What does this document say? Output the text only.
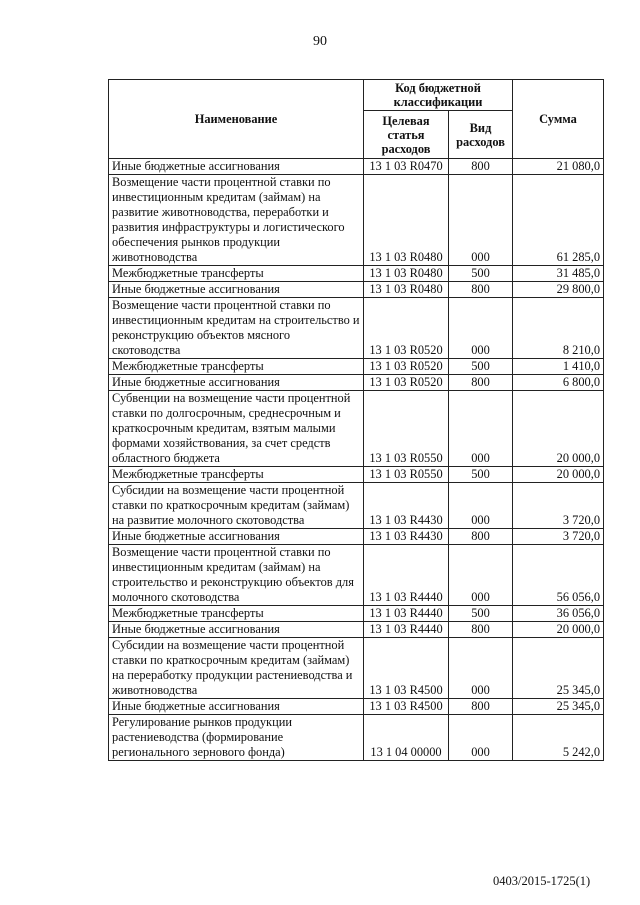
90
Наименование	Код бюджетной классификации		Сумма
	Целевая статья расходов	Вид расходов	
Иные бюджетные ассигнования	13 1 03 R0470	800	21 080,0
Возмещение части процентной ставки по инвестиционным кредитам (займам) на развитие животноводства, переработки и развития инфраструктуры и логистического обеспечения рынков продукции животноводства	13 1 03 R0480	000	61 285,0
Межбюджетные трансферты	13 1 03 R0480	500	31 485,0
Иные бюджетные ассигнования	13 1 03 R0480	800	29 800,0
Возмещение части процентной ставки по инвестиционным кредитам на строительство и реконструкцию объектов мясного скотоводства	13 1 03 R0520	000	8 210,0
Межбюджетные трансферты	13 1 03 R0520	500	1 410,0
Иные бюджетные ассигнования	13 1 03 R0520	800	6 800,0
Субвенции на возмещение части процентной ставки по долгосрочным, среднесрочным и краткосрочным кредитам, взятым малыми формами хозяйствования, за счет средств областного бюджета	13 1 03 R0550	000	20 000,0
Межбюджетные трансферты	13 1 03 R0550	500	20 000,0
Субсидии на возмещение части процентной ставки по краткосрочным кредитам (займам) на развитие молочного скотоводства	13 1 03 R4430	000	3 720,0
Иные бюджетные ассигнования	13 1 03 R4430	800	3 720,0
Возмещение части процентной ставки по инвестиционным кредитам (займам) на строительство и реконструкцию объектов для молочного скотоводства	13 1 03 R4440	000	56 056,0
Межбюджетные трансферты	13 1 03 R4440	500	36 056,0
Иные бюджетные ассигнования	13 1 03 R4440	800	20 000,0
Субсидии на возмещение части процентной ставки по краткосрочным кредитам (займам) на переработку продукции растениеводства и животноводства	13 1 03 R4500	000	25 345,0
Иные бюджетные ассигнования	13 1 03 R4500	800	25 345,0
Регулирование рынков продукции растениеводства (формирование регионального зернового фонда)	13 1 04 00000	000	5 242,0
0403/2015-1725(1)
